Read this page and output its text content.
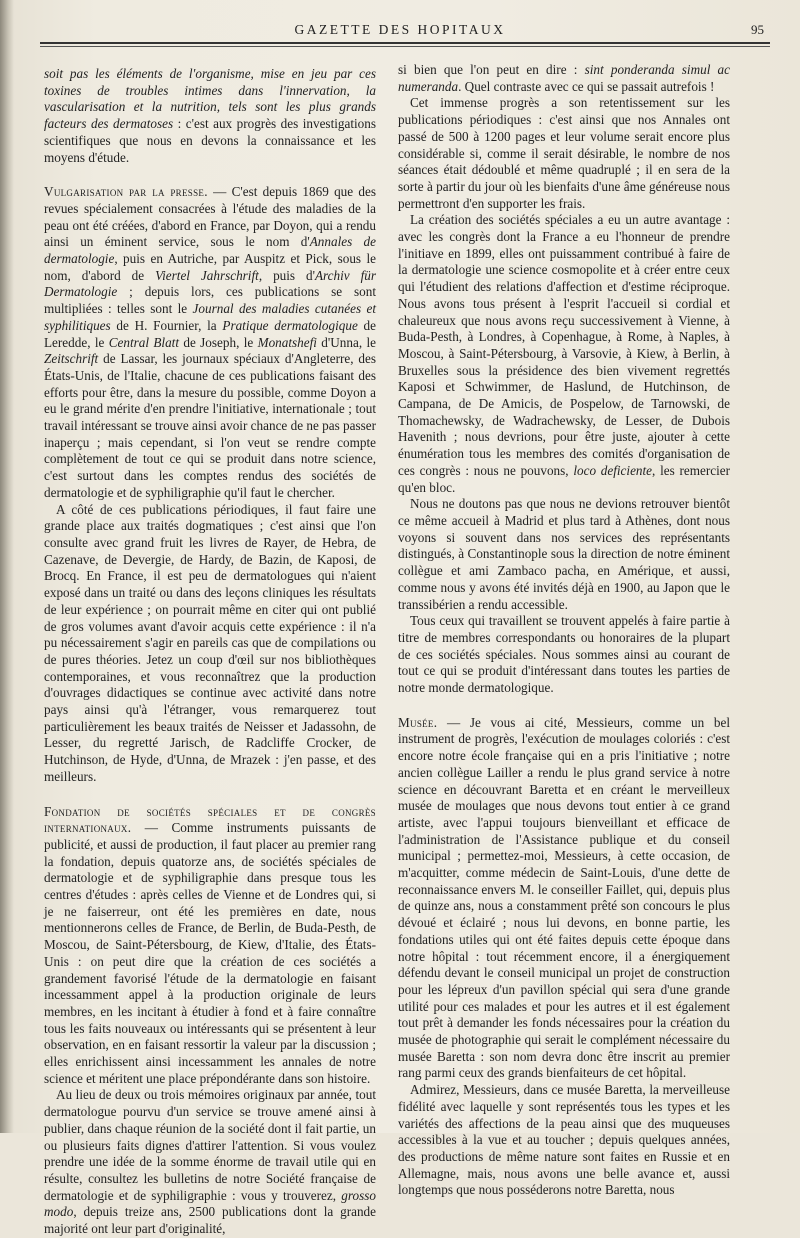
GAZETTE DES HOPITAUX	95

soit pas les éléments de l'organisme, mise en jeu par ces toxines de troubles intimes dans l'innervation, la vascularisation et la nutrition, tels sont les plus grands facteurs des dermatoses : c'est aux progrès des investigations scientifiques que nous en devons la connaissance et les moyens d'étude.

Vulgarisation par la presse. — C'est depuis 1869 que des revues spécialement consacrées à l'étude des maladies de la peau ont été créées, d'abord en France, par Doyon, qui a rendu ainsi un éminent service, sous le nom d'Annales de dermatologie, puis en Autriche, par Auspitz et Pick, sous le nom, d'abord de Viertel Jahrschrift, puis d'Archiv für Dermatologie ; depuis lors, ces publications se sont multipliées : telles sont le Journal des maladies cutanées et syphilitiques de H. Fournier, la Pratique dermatologique de Leredde, le Central Blatt de Joseph, le Monatshefi d'Unna, le Zeitschrift de Lassar, les journaux spéciaux d'Angleterre, des États-Unis, de l'Italie, chacune de ces publications faisant des efforts pour être, dans la mesure du possible, comme Doyon a eu le grand mérite d'en prendre l'initiative, internationale ; tout travail intéressant se trouve ainsi avoir chance de ne pas passer inaperçu ; mais cependant, si l'on veut se rendre compte complètement de tout ce qui se produit dans notre science, c'est surtout dans les comptes rendus des sociétés de dermatologie et de syphiligraphie qu'il faut le chercher.

A côté de ces publications périodiques, il faut faire une grande place aux traités dogmatiques ; c'est ainsi que l'on consulte avec grand fruit les livres de Rayer, de Hebra, de Cazenave, de Devergie, de Hardy, de Bazin, de Kaposi, de Brocq. En France, il est peu de dermatologues qui n'aient exposé dans un traité ou dans des leçons cliniques les résultats de leur expérience ; on pourrait même en citer qui ont publié de gros volumes avant d'avoir acquis cette expérience : il n'a pu nécessairement s'agir en pareils cas que de compilations ou de pures théories. Jetez un coup d'œil sur nos bibliothèques contemporaines, et vous reconnaîtrez que la production d'ouvrages didactiques se continue avec activité dans notre pays ainsi qu'à l'étranger, vous remarquerez tout particulièrement les beaux traités de Neisser et Jadassohn, de Lesser, du regretté Jarisch, de Radcliffe Crocker, de Hutchinson, de Hyde, d'Unna, de Mrazek : j'en passe, et des meilleurs.

Fondation de sociétés spéciales et de congrès internationaux. — Comme instruments puissants de publicité, et aussi de production, il faut placer au premier rang la fondation, depuis quatorze ans, de sociétés spéciales de dermatologie et de syphiligraphie dans presque tous les centres d'études : après celles de Vienne et de Londres qui, si je ne faiserreur, ont été les premières en date, nous mentionnerons celles de France, de Berlin, de Buda-Pesth, de Moscou, de Saint-Pétersbourg, de Kiew, d'Italie, des États-Unis : on peut dire que la création de ces sociétés a grandement favorisé l'étude de la dermatologie en faisant incessamment appel à la production originale de leurs membres, en les incitant à étudier à fond et à faire connaître tous les faits nouveaux ou intéressants qui se présentent à leur observation, en en faisant ressortir la valeur par la discussion ; elles enrichissent ainsi incessamment les annales de notre science et méritent une place prépondérante dans son histoire.

Au lieu de deux ou trois mémoires originaux par année, tout dermatologue pourvu d'un service se trouve amené ainsi à publier, dans chaque réunion de la société dont il fait partie, un ou plusieurs faits dignes d'attirer l'attention. Si vous voulez prendre une idée de la somme énorme de travail utile qui en résulte, consultez les bulletins de notre Société française de dermatologie et de syphiligraphie : vous y trouverez, grosso modo, depuis treize ans, 2500 publications dont la grande majorité ont leur part d'originalité,

si bien que l'on peut en dire : sint ponderanda simul ac numeranda. Quel contraste avec ce qui se passait autrefois !

Cet immense progrès a son retentissement sur les publications périodiques : c'est ainsi que nos Annales ont passé de 500 à 1200 pages et leur volume serait encore plus considérable si, comme il serait désirable, le nombre de nos séances était dédoublé et même quadruplé ; il en sera de la sorte à partir du jour où les bienfaits d'une âme généreuse nous permettront d'en supporter les frais.

La création des sociétés spéciales a eu un autre avantage : avec les congrès dont la France a eu l'honneur de prendre l'initiave en 1899, elles ont puissamment contribué à faire de la dermatologie une science cosmopolite et à créer entre ceux qui l'étudient des relations d'affection et d'estime réciproque. Nous avons tous présent à l'esprit l'accueil si cordial et chaleureux que nous avons reçu successivement à Vienne, à Buda-Pesth, à Londres, à Copenhague, à Rome, à Naples, à Moscou, à Saint-Pétersbourg, à Varsovie, à Kiew, à Berlin, à Bruxelles sous la présidence des bien vivement regrettés Kaposi et Schwimmer, de Haslund, de Hutchinson, de Campana, de De Amicis, de Pospelow, de Tarnowski, de Thomachewsky, de Wadrachewsky, de Lesser, de Dubois Havenith ; nous devrions, pour être juste, ajouter à cette énumération tous les membres des comités d'organisation de ces congrès : nous ne pouvons, loco deficiente, les remercier qu'en bloc.

Nous ne doutons pas que nous ne devions retrouver bientôt ce même accueil à Madrid et plus tard à Athènes, dont nous voyons si souvent dans nos services des représentants distingués, à Constantinople sous la direction de notre éminent collègue et ami Zambaco pacha, en Amérique, et aussi, comme nous y avons été invités déjà en 1900, au Japon que le transsibérien a rendu accessible.

Tous ceux qui travaillent se trouvent appelés à faire partie à titre de membres correspondants ou honoraires de la plupart de ces sociétés spéciales. Nous sommes ainsi au courant de tout ce qui se produit d'intéressant dans toutes les parties de notre monde dermatologique.

Musée. — Je vous ai cité, Messieurs, comme un bel instrument de progrès, l'exécution de moulages coloriés : c'est encore notre école française qui en a pris l'initiative ; notre ancien collègue Lailler a rendu le plus grand service à notre science en découvrant Baretta et en créant le merveilleux musée de moulages que nous devons tout entier à ce grand artiste, avec l'appui toujours bienveillant et efficace de l'administration de l'Assistance publique et du conseil municipal ; permettez-moi, Messieurs, à cette occasion, de m'acquitter, comme médecin de Saint-Louis, d'une dette de reconnaissance envers M. le conseiller Faillet, qui, depuis plus de quinze ans, nous a constamment prêté son concours le plus dévoué et éclairé ; nous lui devons, en bonne partie, les fondations utiles qui ont été faites depuis cette époque dans notre hôpital : tout récemment encore, il a énergiquement défendu devant le conseil municipal un projet de construction pour les lépreux d'un pavillon spécial qui sera d'une grande utilité pour ces malades et pour les autres et il est également tout prêt à demander les fonds nécessaires pour la création du musée de photographie qui serait le complément nécessaire du musée Baretta : son nom devra donc être inscrit au premier rang parmi ceux des grands bienfaiteurs de cet hôpital.

Admirez, Messieurs, dans ce musée Baretta, la merveilleuse fidélité avec laquelle y sont représentés tous les types et les variétés des affections de la peau ainsi que des muqueuses accessibles à la vue et au toucher ; depuis quelques années, des productions de même nature sont faites en Russie et en Allemagne, mais, nous avons une belle avance et, aussi longtemps que nous posséderons notre Baretta, nous
